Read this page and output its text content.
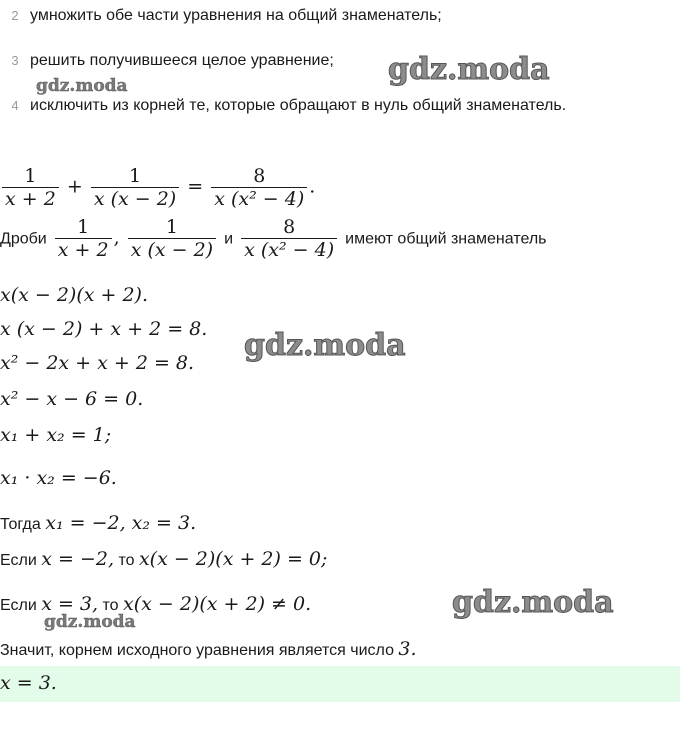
2 умножить обе части уравнения на общий знаменатель;
3 решить получившееся целое уравнение;
4 исключить из корней те, которые обращают в нуль общий знаменатель.
gdz.moda
gdz.moda
gdz.moda
gdz.moda
gdz.moda
$\frac{1}{x + 2} + \frac{1}{x (x - 2)} = \frac{8}{\text{x (x² − 4)}}$ .
Дроби $\frac{1}{x + 2}$ , $\frac{1}{x (x - 2)}$ и $\frac{8}{\text{x (x² − 4)}}$ имеют общий знаменатель
x(x − 2)(x + 2).
x (x − 2) + x + 2 = 8.
x² − 2x + x + 2 = 8.
x² − x − 6 = 0.
x₁ + x₂ = 1;
x₁ · x₂ = −6.
Тогда x₁ = −2, x₂ = 3.
Если x = −2, то x(x − 2)(x + 2) = 0;
Если x = 3, то x(x − 2)(x + 2) ≠ 0.
Значит, корнем исходного уравнения является число 3.
x = 3.
